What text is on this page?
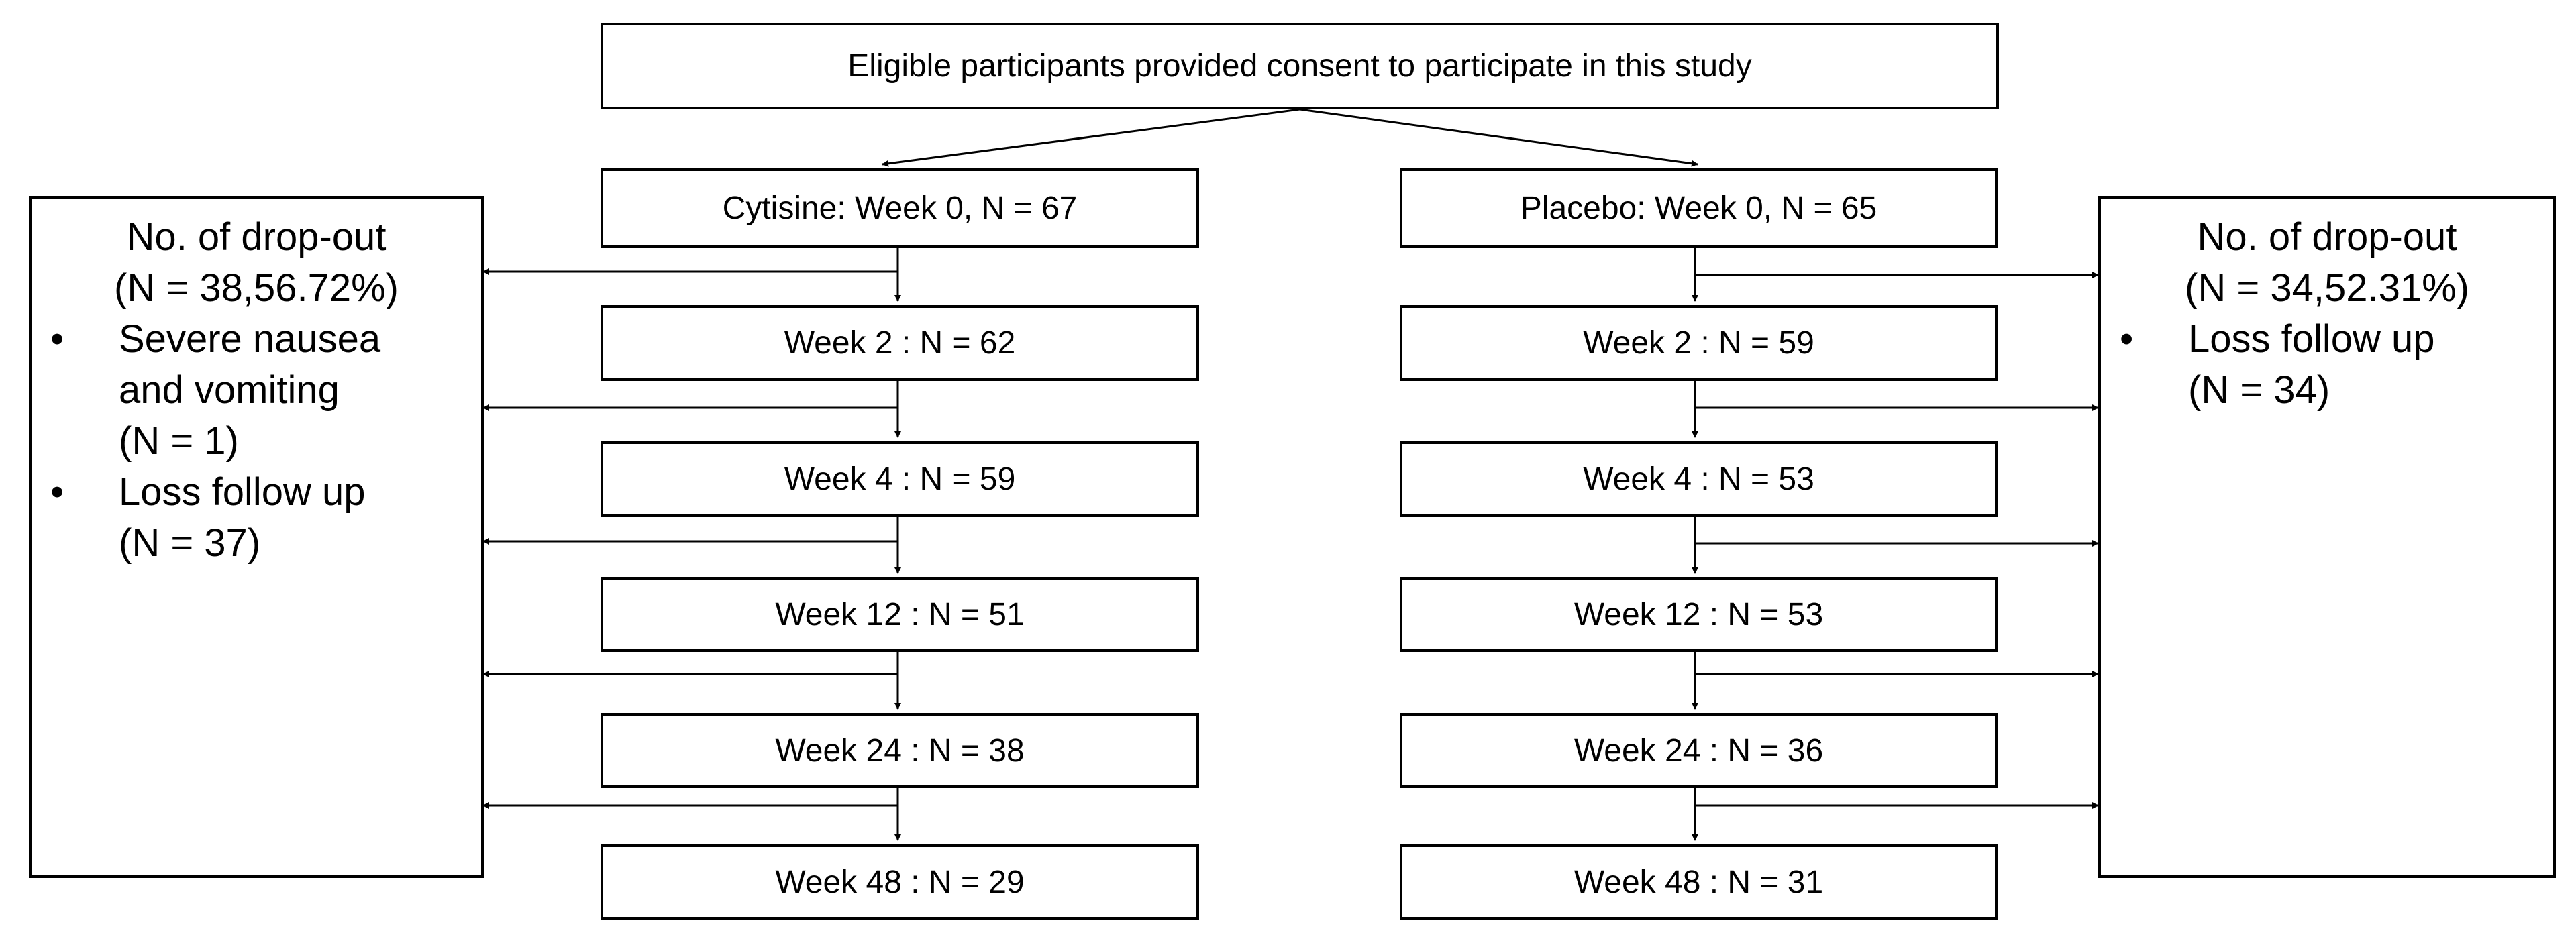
Eligible participants provided consent to participate in this study
Cytisine: Week 0, N = 67
Week 2 : N = 62
Week 4 : N = 59
Week 12 : N = 51
Week 24 : N = 38
Week 48 : N = 29
Placebo: Week 0, N = 65
Week 2 : N = 59
Week 4 : N = 53
Week 12 : N = 53
Week 24 : N = 36
Week 48 : N = 31
No. of drop-out
(N = 38,56.72%)
• Severe nausea
and vomiting
(N = 1)
• Loss follow up
(N = 37)
No. of drop-out
(N = 34,52.31%)
• Loss follow up
(N = 34)
